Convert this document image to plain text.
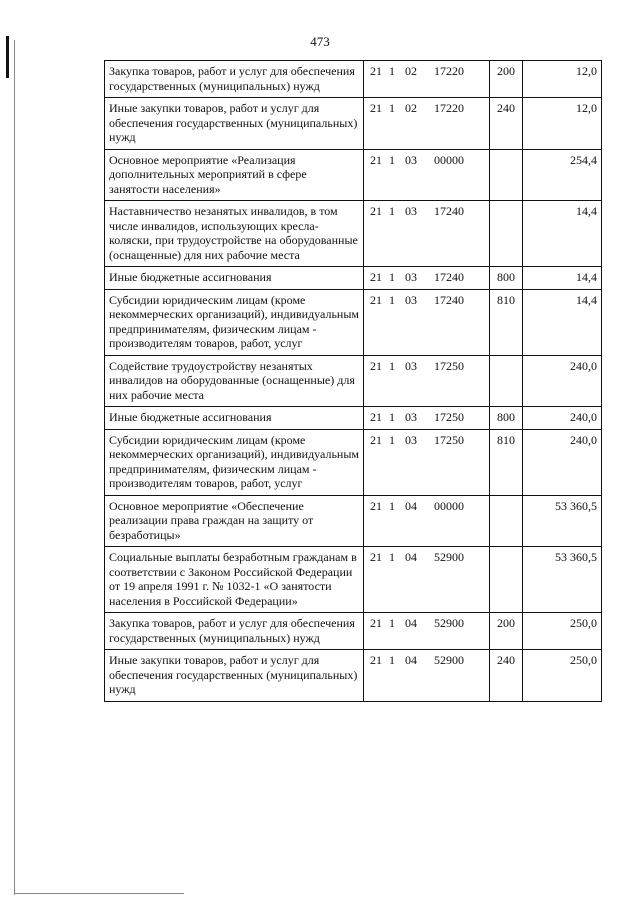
473
Закупка товаров, работ и услуг для обеспечения государственных (муниципальных) нужд	21 1 02 17220	200	12,0
Иные закупки товаров, работ и услуг для обеспечения государственных (муниципальных) нужд	21 1 02 17220	240	12,0
Основное мероприятие «Реализация дополнительных мероприятий в сфере занятости населения»	21 1 03 00000		254,4
Наставничество незанятых инвалидов, в том числе инвалидов, использующих кресла-коляски, при трудоустройстве на оборудованные (оснащенные) для них рабочие места	21 1 03 17240		14,4
Иные бюджетные ассигнования	21 1 03 17240	800	14,4
Субсидии юридическим лицам (кроме некоммерческих организаций), индивидуальным предпринимателям, физическим лицам - производителям товаров, работ, услуг	21 1 03 17240	810	14,4
Содействие трудоустройству незанятых инвалидов на оборудованные (оснащенные) для них рабочие места	21 1 03 17250		240,0
Иные бюджетные ассигнования	21 1 03 17250	800	240,0
Субсидии юридическим лицам (кроме некоммерческих организаций), индивидуальным предпринимателям, физическим лицам - производителям товаров, работ, услуг	21 1 03 17250	810	240,0
Основное мероприятие «Обеспечение реализации права граждан на защиту от безработицы»	21 1 04 00000		53 360,5
Социальные выплаты безработным гражданам в соответствии с Законом Российской Федерации от 19 апреля 1991 г. № 1032-1 «О занятости населения в Российской Федерации»	21 1 04 52900		53 360,5
Закупка товаров, работ и услуг для обеспечения государственных (муниципальных) нужд	21 1 04 52900	200	250,0
Иные закупки товаров, работ и услуг для обеспечения государственных (муниципальных) нужд	21 1 04 52900	240	250,0
